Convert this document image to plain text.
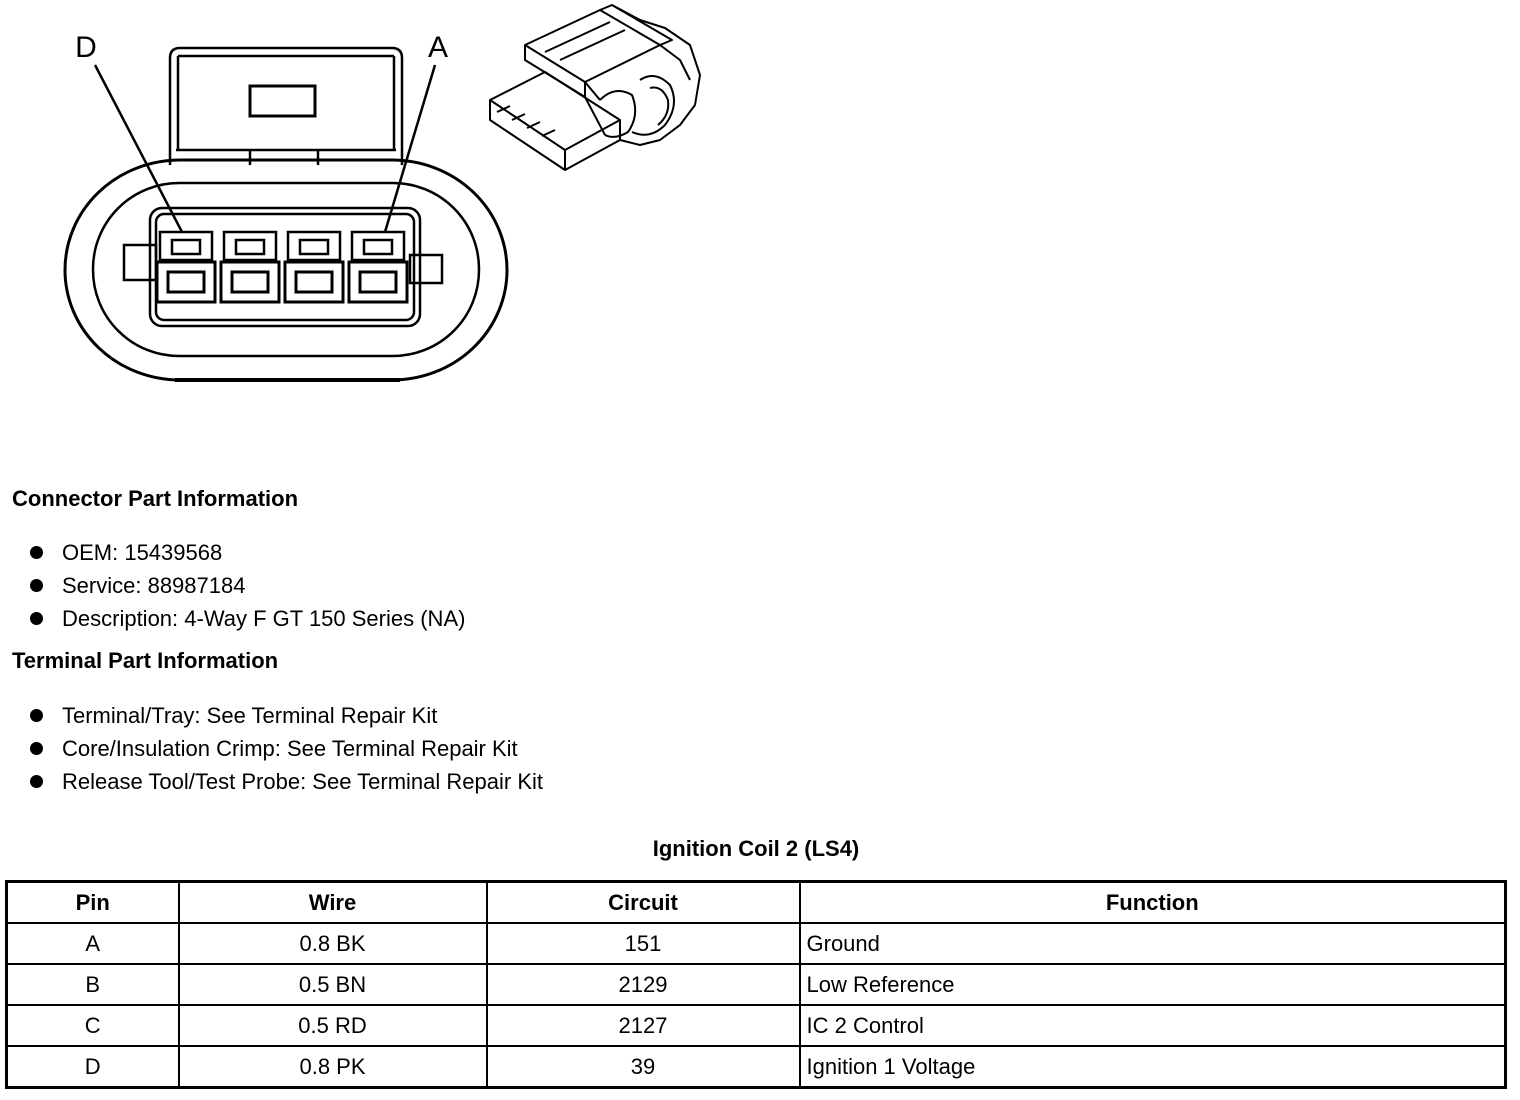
D	A
Connector Part Information
OEM: 15439568
Service: 88987184
Description: 4-Way F GT 150 Series (NA)
Terminal Part Information
Terminal/Tray: See Terminal Repair Kit
Core/Insulation Crimp: See Terminal Repair Kit
Release Tool/Test Probe: See Terminal Repair Kit
Ignition Coil 2 (LS4)
Pin	Wire	Circuit	Function
A	0.8 BK	151	Ground
B	0.5 BN	2129	Low Reference
C	0.5 RD	2127	IC 2 Control
D	0.8 PK	39	Ignition 1 Voltage
